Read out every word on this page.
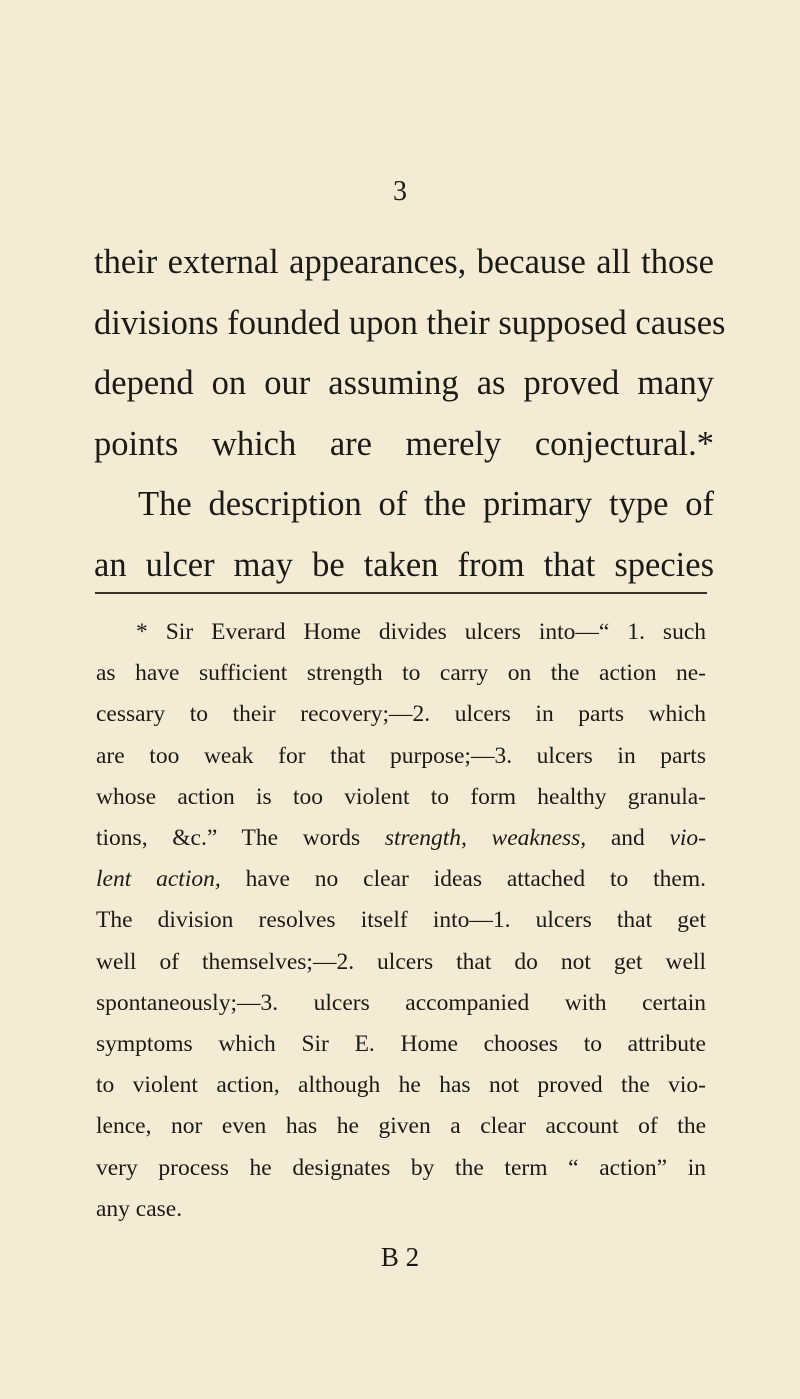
3
their external appearances, because all those
divisions founded upon their supposed causes
depend on our assuming as proved many
points which are merely conjectural.*
The description of the primary type of
an ulcer may be taken from that species
* Sir Everard Home divides ulcers into—“ 1. such
as have sufficient strength to carry on the action ne-
cessary to their recovery;—2. ulcers in parts which
are too weak for that purpose;—3. ulcers in parts
whose action is too violent to form healthy granula-
tions, &c.” The words strength, weakness, and vio-
lent action, have no clear ideas attached to them.
The division resolves itself into—1. ulcers that get
well of themselves;—2. ulcers that do not get well
spontaneously;—3. ulcers accompanied with certain
symptoms which Sir E. Home chooses to attribute
to violent action, although he has not proved the vio-
lence, nor even has he given a clear account of the
very process he designates by the term “ action” in
any case.
B 2
